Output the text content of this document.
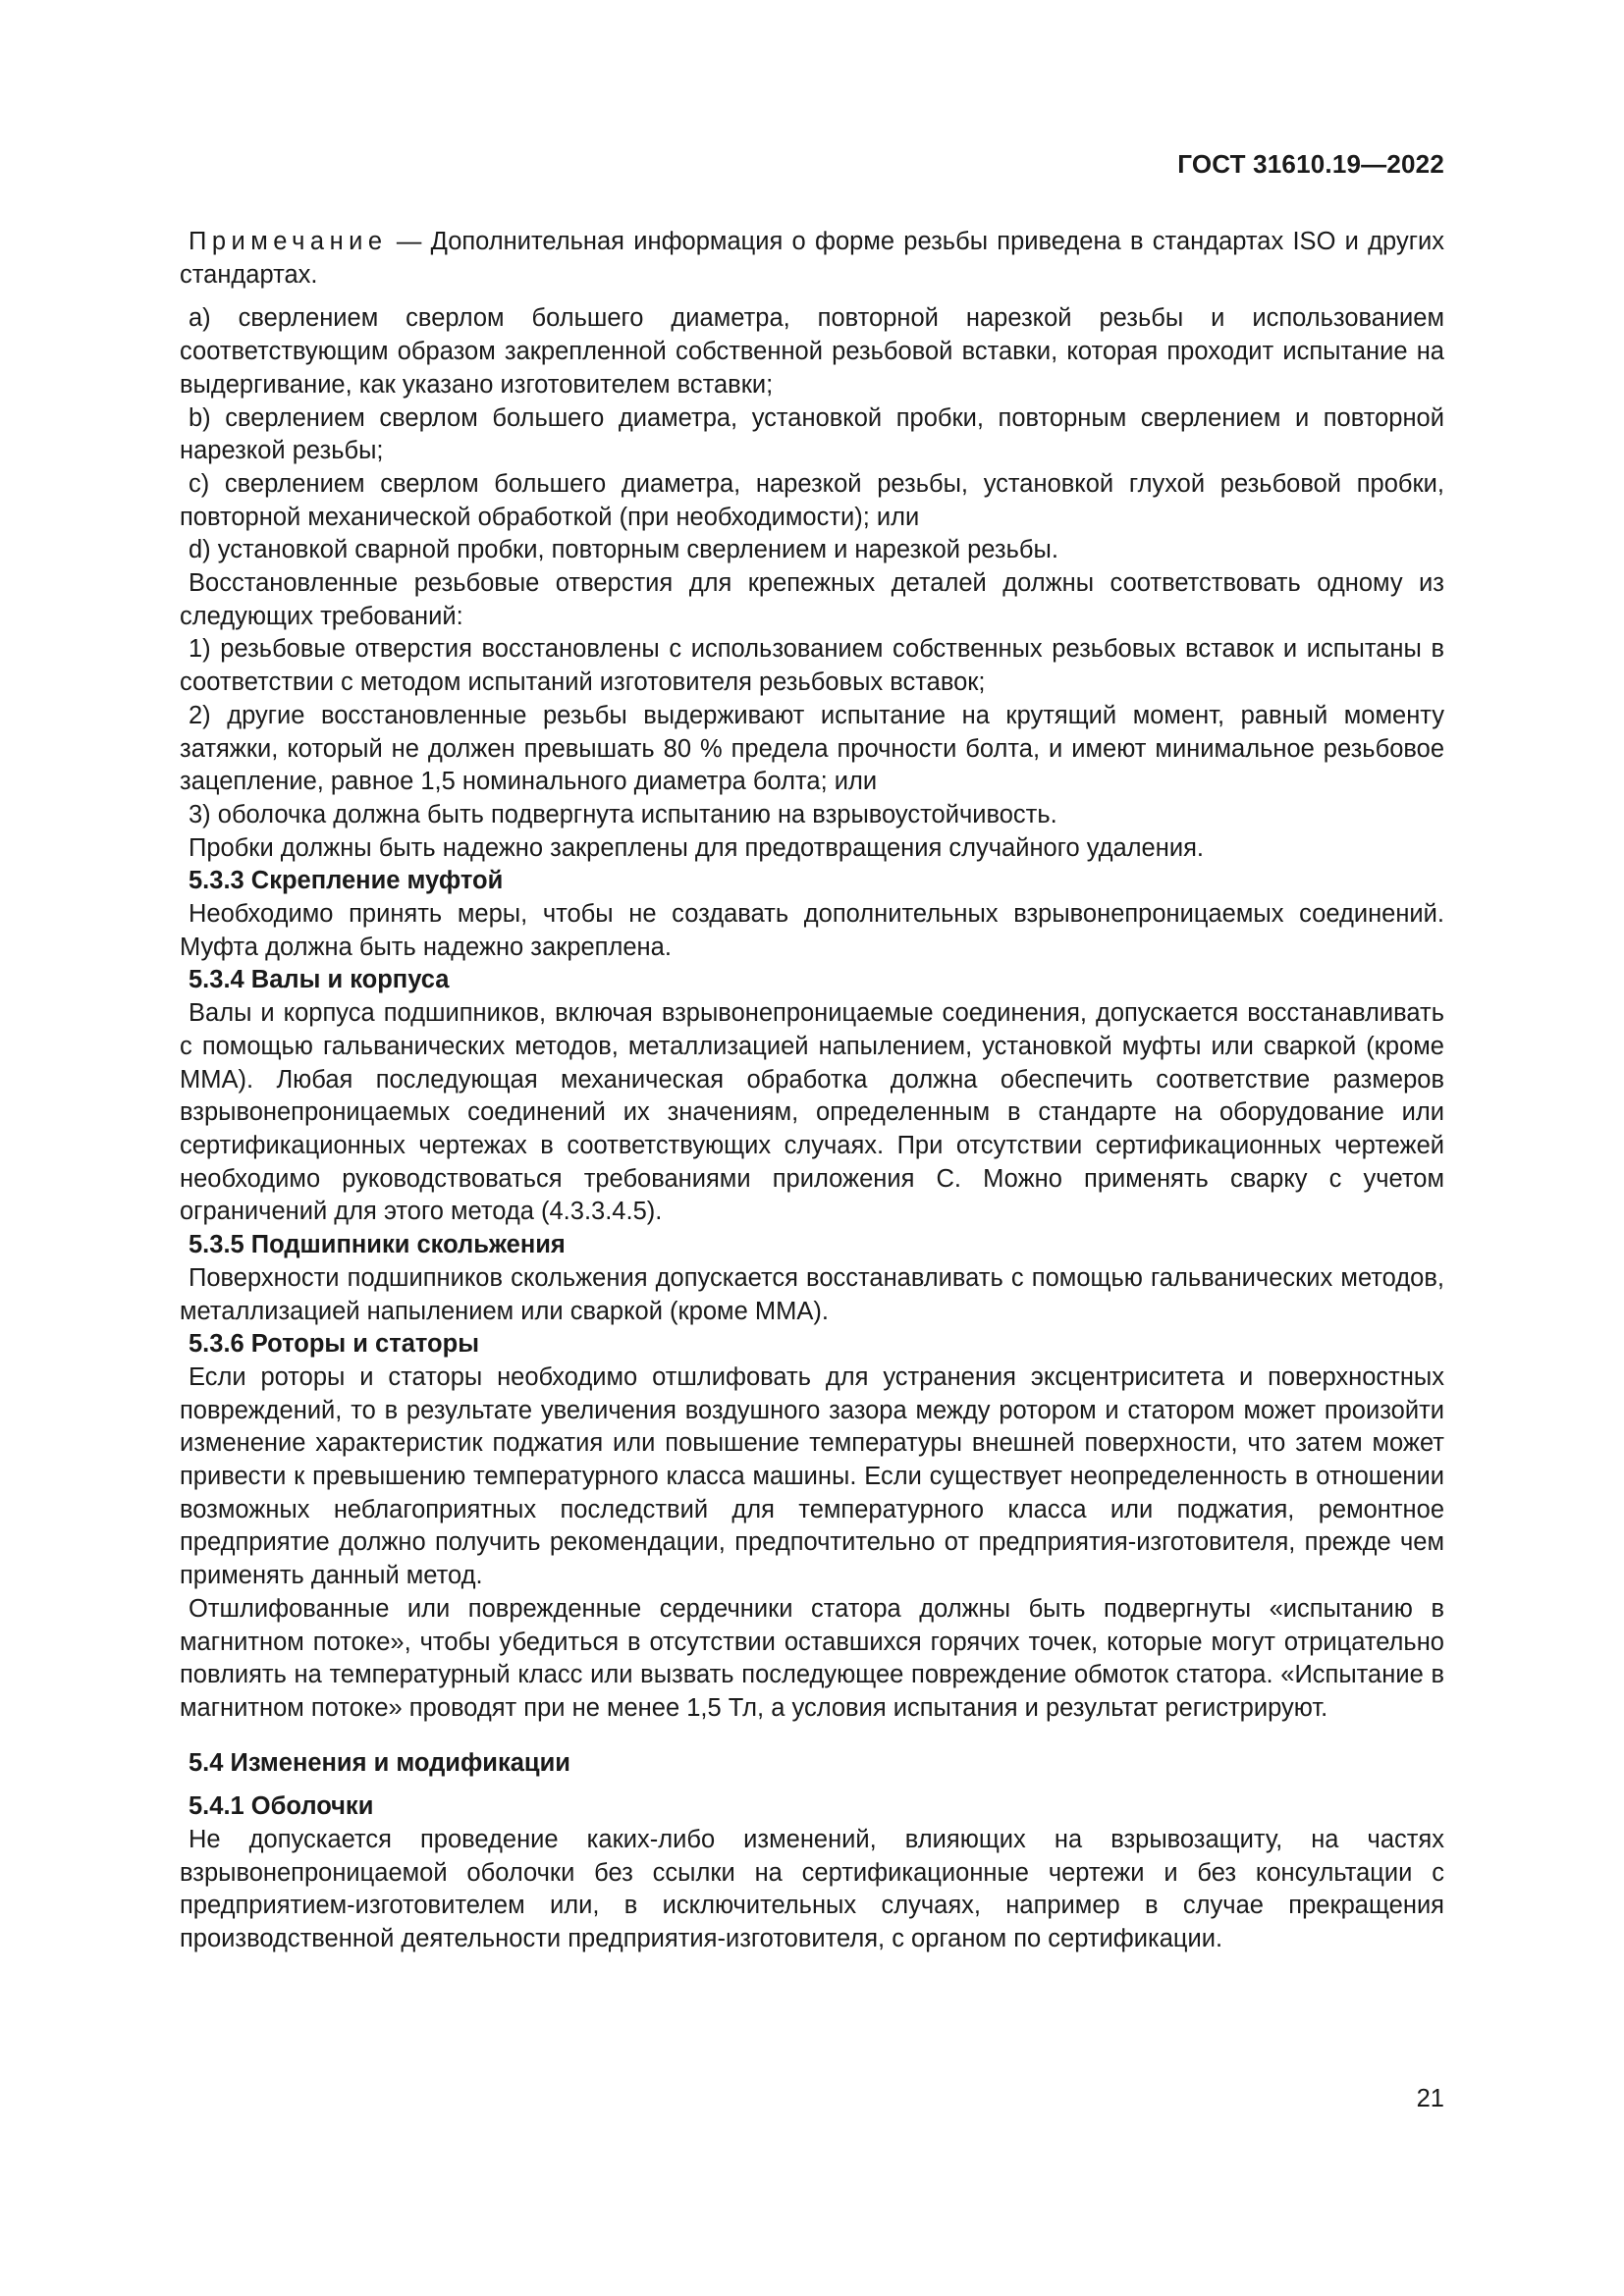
ГОСТ 31610.19—2022

Примечание — Дополнительная информация о форме резьбы приведена в стандартах ISO и других стандартах.

a) сверлением сверлом большего диаметра, повторной нарезкой резьбы и использованием соответствующим образом закрепленной собственной резьбовой вставки, которая проходит испытание на выдергивание, как указано изготовителем вставки;

b) сверлением сверлом большего диаметра, установкой пробки, повторным сверлением и повторной нарезкой резьбы;

c) сверлением сверлом большего диаметра, нарезкой резьбы, установкой глухой резьбовой пробки, повторной механической обработкой (при необходимости); или

d) установкой сварной пробки, повторным сверлением и нарезкой резьбы.

Восстановленные резьбовые отверстия для крепежных деталей должны соответствовать одному из следующих требований:

1) резьбовые отверстия восстановлены с использованием собственных резьбовых вставок и испытаны в соответствии с методом испытаний изготовителя резьбовых вставок;

2) другие восстановленные резьбы выдерживают испытание на крутящий момент, равный моменту затяжки, который не должен превышать 80 % предела прочности болта, и имеют минимальное резьбовое зацепление, равное 1,5 номинального диаметра болта; или

3) оболочка должна быть подвергнута испытанию на взрывоустойчивость.

Пробки должны быть надежно закреплены для предотвращения случайного удаления.

5.3.3 Скрепление муфтой

Необходимо принять меры, чтобы не создавать дополнительных взрывонепроницаемых соединений. Муфта должна быть надежно закреплена.

5.3.4 Валы и корпуса

Валы и корпуса подшипников, включая взрывонепроницаемые соединения, допускается восстанавливать с помощью гальванических методов, металлизацией напылением, установкой муфты или сваркой (кроме MMA). Любая последующая механическая обработка должна обеспечить соответствие размеров взрывонепроницаемых соединений их значениям, определенным в стандарте на оборудование или сертификационных чертежах в соответствующих случаях. При отсутствии сертификационных чертежей необходимо руководствоваться требованиями приложения С. Можно применять сварку с учетом ограничений для этого метода (4.3.3.4.5).

5.3.5 Подшипники скольжения

Поверхности подшипников скольжения допускается восстанавливать с помощью гальванических методов, металлизацией напылением или сваркой (кроме MMA).

5.3.6 Роторы и статоры

Если роторы и статоры необходимо отшлифовать для устранения эксцентриситета и поверхностных повреждений, то в результате увеличения воздушного зазора между ротором и статором может произойти изменение характеристик поджатия или повышение температуры внешней поверхности, что затем может привести к превышению температурного класса машины. Если существует неопределенность в отношении возможных неблагоприятных последствий для температурного класса или поджатия, ремонтное предприятие должно получить рекомендации, предпочтительно от предприятия-изготовителя, прежде чем применять данный метод.

Отшлифованные или поврежденные сердечники статора должны быть подвергнуты «испытанию в магнитном потоке», чтобы убедиться в отсутствии оставшихся горячих точек, которые могут отрицательно повлиять на температурный класс или вызвать последующее повреждение обмоток статора. «Испытание в магнитном потоке» проводят при не менее 1,5 Тл, а условия испытания и результат регистрируют.

5.4 Изменения и модификации

5.4.1 Оболочки

Не допускается проведение каких-либо изменений, влияющих на взрывозащиту, на частях взрывонепроницаемой оболочки без ссылки на сертификационные чертежи и без консультации с предприятием-изготовителем или, в исключительных случаях, например в случае прекращения производственной деятельности предприятия-изготовителя, с органом по сертификации.

21
